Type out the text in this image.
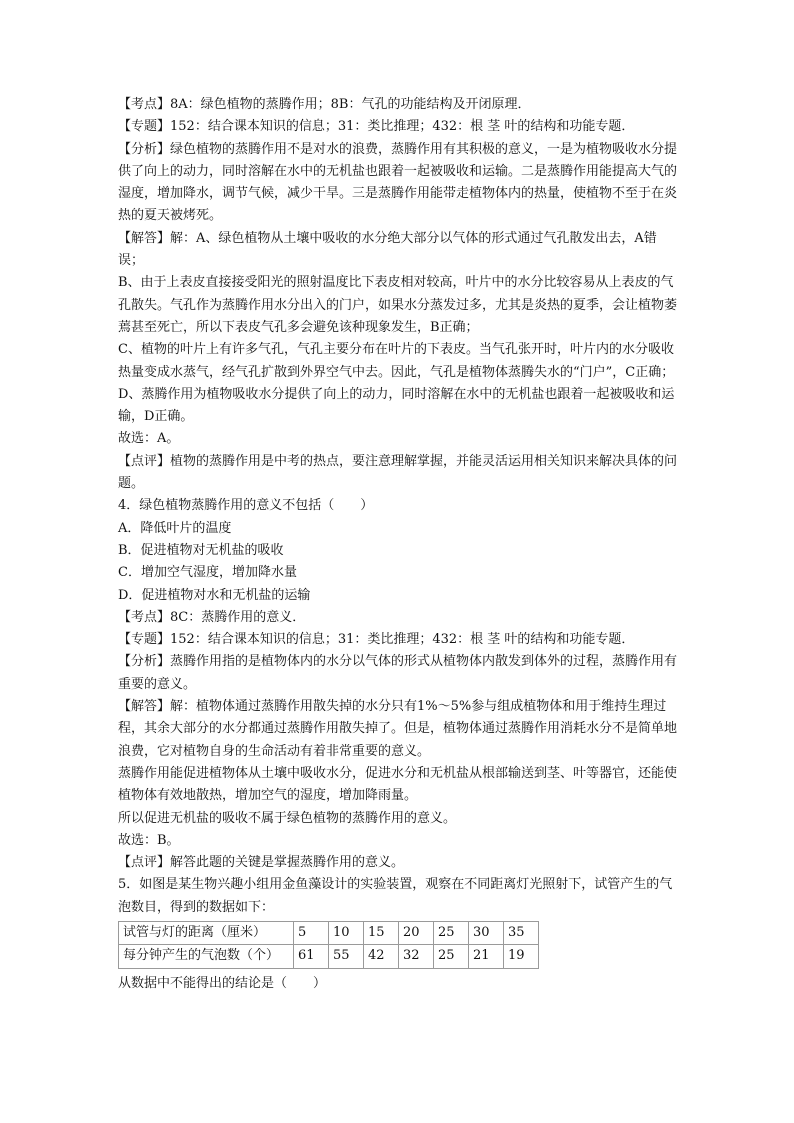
【考点】8A：绿色植物的蒸腾作用；8B：气孔的功能结构及开闭原理．

【专题】152：结合课本知识的信息；31：类比推理；432：根 茎 叶的结构和功能专题．

【分析】绿色植物的蒸腾作用不是对水的浪费，蒸腾作用有其积极的意义，一是为植物吸收水分提供了向上的动力，同时溶解在水中的无机盐也跟着一起被吸收和运输。二是蒸腾作用能提高大气的湿度，增加降水，调节气候，减少干旱。三是蒸腾作用能带走植物体内的热量，使植物不至于在炎热的夏天被烤死。

【解答】解：A、绿色植物从土壤中吸收的水分绝大部分以气体的形式通过气孔散发出去，A错误；

B、由于上表皮直接接受阳光的照射温度比下表皮相对较高，叶片中的水分比较容易从上表皮的气孔散失。气孔作为蒸腾作用水分出入的门户，如果水分蒸发过多，尤其是炎热的夏季，会让植物萎蔫甚至死亡，所以下表皮气孔多会避免该种现象发生，B正确；

C、植物的叶片上有许多气孔，气孔主要分布在叶片的下表皮。当气孔张开时，叶片内的水分吸收热量变成水蒸气，经气孔扩散到外界空气中去。因此，气孔是植物体蒸腾失水的“门户”，C正确；

D、蒸腾作用为植物吸收水分提供了向上的动力，同时溶解在水中的无机盐也跟着一起被吸收和运输，D正确。

故选：A。

【点评】植物的蒸腾作用是中考的热点，要注意理解掌握，并能灵活运用相关知识来解决具体的问题。

4．绿色植物蒸腾作用的意义不包括（　　）

A．降低叶片的温度

B．促进植物对无机盐的吸收

C．增加空气湿度，增加降水量

D．促进植物对水和无机盐的运输

【考点】8C：蒸腾作用的意义．

【专题】152：结合课本知识的信息；31：类比推理；432：根 茎 叶的结构和功能专题．

【分析】蒸腾作用指的是植物体内的水分以气体的形式从植物体内散发到体外的过程，蒸腾作用有重要的意义。

【解答】解：植物体通过蒸腾作用散失掉的水分只有1%～5%参与组成植物体和用于维持生理过程，其余大部分的水分都通过蒸腾作用散失掉了。但是，植物体通过蒸腾作用消耗水分不是简单地浪费，它对植物自身的生命活动有着非常重要的意义。

蒸腾作用能促进植物体从土壤中吸收水分，促进水分和无机盐从根部输送到茎、叶等器官，还能使植物体有效地散热，增加空气的湿度，增加降雨量。

所以促进无机盐的吸收不属于绿色植物的蒸腾作用的意义。

故选：B。

【点评】解答此题的关键是掌握蒸腾作用的意义。

5．如图是某生物兴趣小组用金鱼藻设计的实验装置，观察在不同距离灯光照射下，试管产生的气泡数目，得到的数据如下：

试管与灯的距离（厘米）	5	10	15	20	25	30	35
每分钟产生的气泡数（个）	61	55	42	32	25	21	19

从数据中不能得出的结论是（　　）
